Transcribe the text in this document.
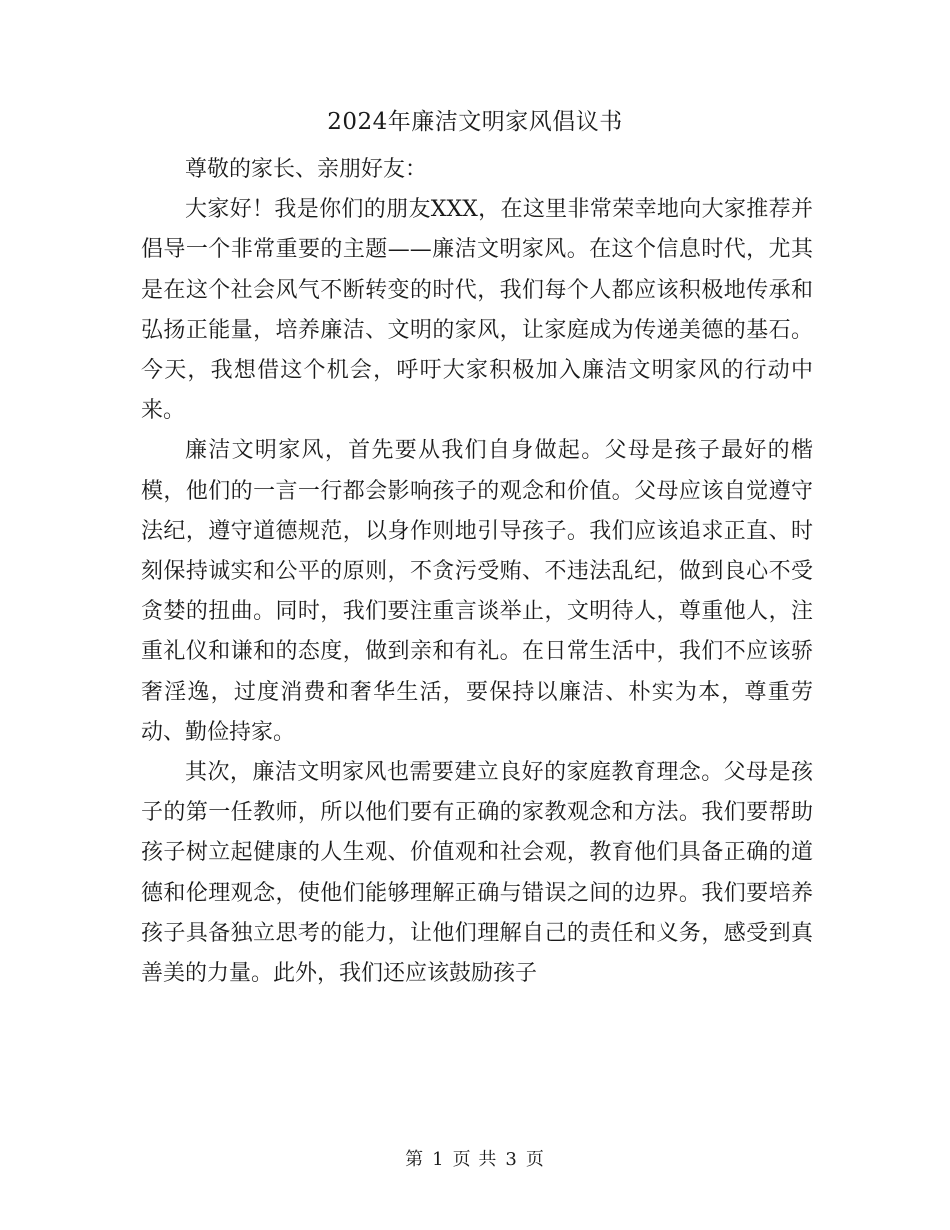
2024年廉洁文明家风倡议书

尊敬的家长、亲朋好友：

大家好！我是你们的朋友XXX，在这里非常荣幸地向大家推荐并倡导一个非常重要的主题——廉洁文明家风。在这个信息时代，尤其是在这个社会风气不断转变的时代，我们每个人都应该积极地传承和弘扬正能量，培养廉洁、文明的家风，让家庭成为传递美德的基石。今天，我想借这个机会，呼吁大家积极加入廉洁文明家风的行动中来。

廉洁文明家风，首先要从我们自身做起。父母是孩子最好的楷模，他们的一言一行都会影响孩子的观念和价值。父母应该自觉遵守法纪，遵守道德规范，以身作则地引导孩子。我们应该追求正直、时刻保持诚实和公平的原则，不贪污受贿、不违法乱纪，做到良心不受贪婪的扭曲。同时，我们要注重言谈举止，文明待人，尊重他人，注重礼仪和谦和的态度，做到亲和有礼。在日常生活中，我们不应该骄奢淫逸，过度消费和奢华生活，要保持以廉洁、朴实为本，尊重劳动、勤俭持家。

其次，廉洁文明家风也需要建立良好的家庭教育理念。父母是孩子的第一任教师，所以他们要有正确的家教观念和方法。我们要帮助孩子树立起健康的人生观、价值观和社会观，教育他们具备正确的道德和伦理观念，使他们能够理解正确与错误之间的边界。我们要培养孩子具备独立思考的能力，让他们理解自己的责任和义务，感受到真善美的力量。此外，我们还应该鼓励孩子

第 1 页 共 3 页
